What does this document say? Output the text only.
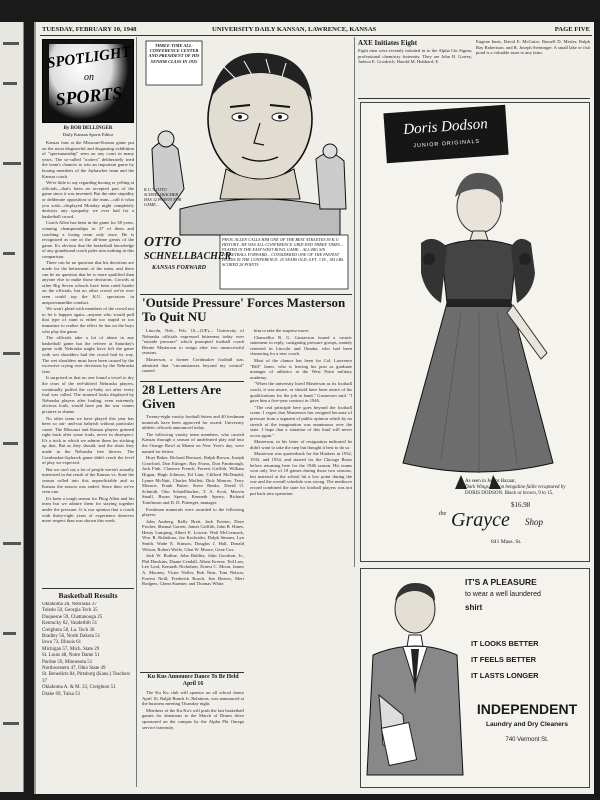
TUESDAY, FEBRUARY 10, 1948	UNIVERSITY DAILY KANSAN, LAWRENCE, KANSAS	PAGE FIVE
SPOTLIGHT
on
SPORTS
By BOB DELLINGER
Daily Kansan Sports Editor

Kansas fans at the Missouri-Kansas game put on the most disgraceful and disgusting exhibition of "sportsmanship" seen on any court in many years. The so-called "rooters" deliberately tried the team's chances to win an important game by booing members of the Jayhawker team and the Kansas coach.

We're little to say regarding booing or yelling at officials—that's been an accepted part of the game since it was invented. But the utter stupidity or deliberate opposition to the team—call it what you wish—displayed Monday night completely destroys any sympathy we ever had for a basketball crowd.

Coach Allen has been in the game for 38 years, winning championships in 27 of them and coaching a losing team only once. He is recognized as one of the all-time greats of the game. It's obvious that the basketball knowledge of any grandstand coach pales into nothing in this comparison.

There can be no question that his decisions are made for the betterment of the team, and there can be no question that he is more qualified than anyone else to make those decisions. Crowds at other Big Seven schools have been rated harder on the officials, but no other crowd we've ever seen could top the K.U. spectators in unsportsmanlike conduct.

We won't plead with members of the crowd not to let it happen again—anyone who would pull that type of stunt is either too stupid or too immature to realize the effect he has on the boys who play the game.

The officials take a lot of abuse in any basketball game but the referee at Saturday's game with Nebraska might have left the game with wet shoulders had the crowd had its way. The wet shoulders must have been caused by the excessive crying over decisions by the Nebraska fans.

It surprised us that no one found a towel to dry the tears of the red-shirted Nebraska players, continually puffed the cry-baby act after every foul was called. The strained looks displayed by Nebraska players after fouling, even extremely obvious fouls, would have put the war crimes pictures to shame.

No other team we have played this year has been so out- and-out babyish without particular cause. The Missouri and Kansas players grinned right back after some fouls, never in disrespect. It's a trick to which we admire them for sticking up that, But as they should, and the shots they made in the Nebraska free throws. The Cornhusker-Jayhawk game didn't reach the level of play we expected.

But we can't say a lot of people weren't actually interested in the result of the Kansas vs. State the season rolled into this unpredictable and as Kansas the season was ended. Since then we've seen one.

It's been a tough season for Phog Allen and his team but we admire them for staying together under the pressure. It is our opinion that a coach with thirty-eight years of experience deserves more respect than was shown this week.

Basketball Results
Oklahoma 28, Nebraska 37
Toledo 59, Georgia Tech 35
Duquesne 59, Chattanooga 25
Kentucky 62, Vanderbilt 51
Creighton 50, La. Tech 36
Bradley 56, North Dakota 51
Iowa 73, Illinois 61
Michigan 57, Mich. State 29
St. Louis 48, Notre Dame 51
Purdue 59, Minnesota 51
Northwestern 47, Ohio State 49
St. Benedicts 84, Pittsburg (Kans.) Teachers 37
Oklahoma A. & M. 33, Creighton 51
Drake 69, Tulsa 53
THREE-TIME ALL-CONFERENCE CENTER AND PRESIDENT OF HIS SENIOR CLASS IN 1925
K.U.'S OTTO SCHNELLBACHER HAS 32 POINTS FOR GAME...
OTTO
SCHNELLBACHER
KANSAS FORWARD
PHOG ALLEN CALLS HIM ONE OF THE BEST ATHLETES IN K.U. HISTORY...HE WAS ALL-CONFERENCE GRID END THREE TIMES... PLAYED IN THE EAST-WEST BOWL GAME... ALL-BIG SIX BASKETBALL FORWARD... CONSIDERED ONE OF THE FASTEST HANDS IN THE CONFERENCE. 25 YEARS OLD, 6 FT. 3 IN., 185 LBS. SCORED 28 POINTS
'Outside Pressure' Forces Masterson To Quit NU

Lincoln, Neb., Feb. 10—(UP)— University of Nebraska officials expressed bitterness today over "outside pressure" which prompted football coach Bernie Masterson to resign after two unsuccessful seasons.

Masterson, a former Cornhusker football star, admitted that "circumstances beyond my control" caused

him to take the surprise move.

Chancellor R. G. Gustavson issued a caustic statement in reply, castigating pressure groups, mainly centered in Lincoln and Omaha, who had been clamoring for a new coach.

Most of the clamor has been for Col. Lawrence "Biff" Jones, who is leaving his post as graduate manager of athletics at the West Point military academy.

"When the university hired Masterson as its football coach, it was aware, or should have been aware of his qualifications for the job at hand," Gustavson said. "I gave him a five-year contract in 1946.

"The real principle here goes beyond the football scene. I regret that Masterson has resigned because of pressure from a segment of public opinion which by no stretch of the imagination was unanimous over the state. I hope that a situation of this kind will never occur again."

Masterson, in his letter of resignation indicated he didn't want to take the step but thought it best to do so.

Masterson was quarterback for the Huskers in 1932, 1933, and 1934, and starred for the Chicago Bears before returning here for the 1946 season. His teams won only five of 18 games during those two seasons, but material at the school hit a low point during the war and the overall schedule was strong. The mediocre record combined the state for football players was not put back into operation.

28 Letters Are Given

Twenty-eight varsity football letters and 40 freshman numerals have been approved for award, University athletic officials announced today.

The following varsity team members, who carried Kansas through a season of undefeated play and into the Orange Bowl at Miami on New Year's day, were named for letters:

Hoyt Baker, Richard Bertuzzi, Ralph Brown, Joseph Crawford, Don Ettinger, Ray Evans, Don Fambrough, Jack Fink, Clarence French, Forrest Griffith, William Hogan, Hugh Johnson, Ed Linn, Clifford McDonald, Lynne McNutt, Charles Moffett, Dick Monroe, Terry Monroe, Frank Pattee, Steve Renko, David O. Schmidt, Otto Schnellbacher, T. A. Scott, Marvin Small, Bryan Sperry, Kenneth Sperry, Richard Tomlinson and D. D. Pittenger, manager.

Freshmen numerals were awarded to the following players:

John Amberg, Kelly Brett, Jack Foerter, Dave Fischer, Shamal Garrett, James Griffith, John R. Hines, Henry Lamping, Albert E. Lowrie, Walt McCormack, Wm. R. Robidoux, Joe Kochrider, Dolph Simons, Lyn Smith, Wade E. Stinson, Douglas J. Hall, Donald Wilson, Robert Wolfe, Glen W. Moore, Gene Cox.

Jack W. Bodine, John Bublitz, John Goodson, Jr., Phil Hawkins, Duane Cendall, Albert Kreese, Ted Law, Lee Lord, Kenneth Nicholsen, Ernest C. Moon, James A. Mooney, Victor Noller, Bob Near, Tom Nelson, Forrest Neill, Frederick Roach, Jim Beaver, Mert Rodgers, Glenn Starmer, and Thomas White.

Ku Kus Announce Dance To Be Held April 16

The Ku Ku club will sponsor an all school dance April 16, Ralph Bunch Jr. Relations, was announced at the business meeting Thursday night.

Members of the Ku Ku's will push the last basketball games for donations to the March of Dimes drive sponsored on the campus by the Alpha Phi Omega service fraternity.

AXE Initiates Eight
Eight men were recently initiated in to the Alpha Chi Sigma, professional chemistry fraternity. They are John B. Gorrey, Judson E. Goodrich, Harold M. Hubbard, E.
Eugene Innis, David E. McGuire, Russell D. Mesler, Ralph Ray Robertson, and R. Joseph Steininger. A small lake or fish pond is a valuable asset to any farm.
Doris Dodson
JUNIOR ORIGINALS
As seen in Junior Bazaar,
Dark Wings...rayon bengaline faille recaptured by
DORIS DODSON. Black or brown, 9 to 15.
$16.98
the Grayce Shop
841 Mass. St.
IT'S A PLEASURE
to wear a well laundered
shirt
IT LOOKS BETTER
IT FEELS BETTER
IT LASTS LONGER
INDEPENDENT
Laundry and Dry Cleaners
740 Vermont St.
